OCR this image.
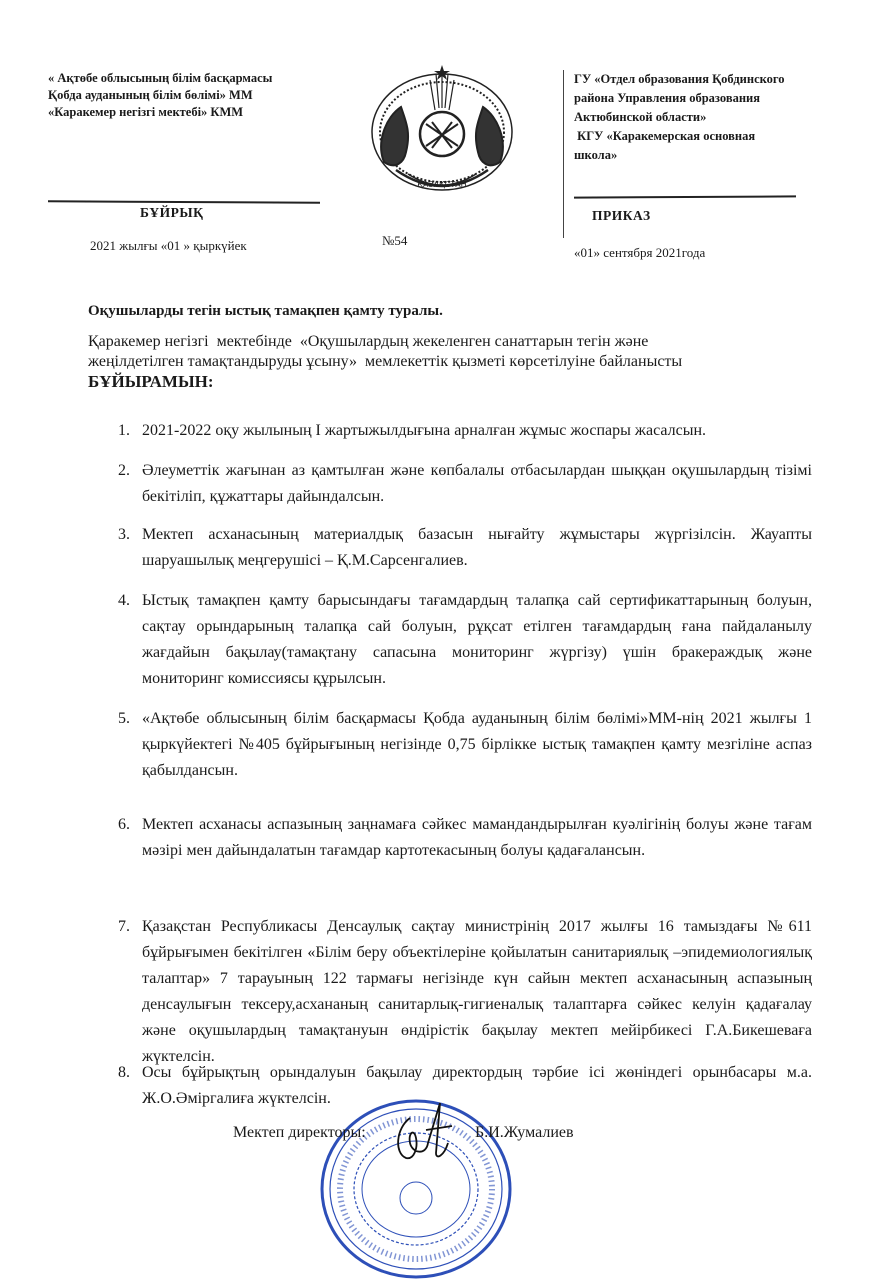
« Ақтөбе облысының білім басқармасы
Қобда ауданының білім бөлімі» ММ
«Каракемер негізгі мектебі» КММ
ҚАЗАҚСТАН
ГУ «Отдел образования Қобдинского
района Управления образования
Актюбинской области»
КГУ «Каракемерская основная
школа»
БҰЙРЫҚ	ПРИКАЗ
2021 жылғы «01 » қыркүйек	№54
«01» сентября 2021года
Оқушыларды тегін ыстық тамақпен қамту туралы.
Қаракемер негізгі  мектебінде  «Оқушылардың жекеленген санаттарын тегін және
жеңілдетілген тамақтандыруды ұсыну»  мемлекеттік қызметі көрсетілуіне байланысты
БҰЙЫРАМЫН:
1. 2021-2022 оқу жылының I жартыжылдығына арналған жұмыс жоспары жасалсын.
2. Әлеуметтік жағынан аз қамтылған және көпбалалы отбасылардан шыққан оқушылардың тізімі бекітіліп, құжаттары дайындалсын.
3. Мектеп асханасының материалдық базасын нығайту жұмыстары жүргізілсін. Жауапты шаруашылық меңгерушісі – Қ.М.Сарсенгалиев.
4. Ыстық тамақпен қамту барысындағы тағамдардың талапқа сай сертификаттарының болуын, сақтау орындарының талапқа сай болуын, рұқсат етілген тағамдардың ғана пайдаланылу жағдайын бақылау(тамақтану сапасына мониторинг жүргізу) үшін бракераждық және мониторинг комиссиясы құрылсын.
5. «Ақтөбе облысының білім басқармасы Қобда ауданының білім бөлімі»ММ-нің 2021 жылғы 1 қыркүйектегі №405 бұйрығының негізінде 0,75 бірлікке ыстық тамақпен қамту мезгіліне аспаз қабылдансын.
6. Мектеп асханасы аспазының заңнамаға сәйкес мамандандырылған куәлігінің болуы және тағам мәзірі мен дайындалатын тағамдар картотекасының болуы қадағалансын.
7. Қазақстан Республикасы Денсаулық сақтау министрінің 2017 жылғы 16 тамыздағы №611 бұйрығымен бекітілген «Білім беру объектілеріне қойылатын санитариялық –эпидемиологиялық талаптар» 7 тарауының 122 тармағы негізінде күн сайын мектеп асханасының аспазының денсаулығын тексеру,асхананың санитарлық-гигиеналық талаптарға сәйкес келуін қадағалау және оқушылардың тамақтануын өндірістік бақылау мектеп мейірбикесі Г.А.Бикешеваға жүктелсін.
8. Осы бұйрықтың орындалуын бақылау директордың тәрбие ісі жөніндегі орынбасары м.а. Ж.О.Әміргалиға жүктелсін.
Мектеп директоры:	Б.И.Жумалиев
